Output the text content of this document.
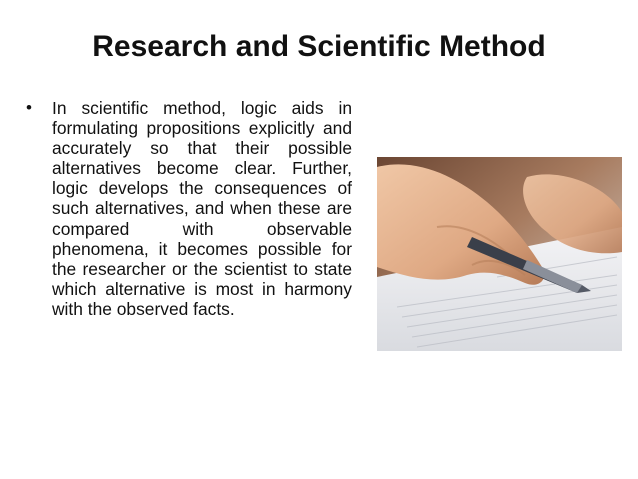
Research and Scientific Method
•	In scientific method, logic aids in formulating propositions explicitly and accurately so that their possible alternatives become clear. Further, logic develops the consequences of such alternatives, and when these are compared with observable phenomena, it becomes possible for the researcher or the scientist to state which alternative is most in harmony with the observed facts.
